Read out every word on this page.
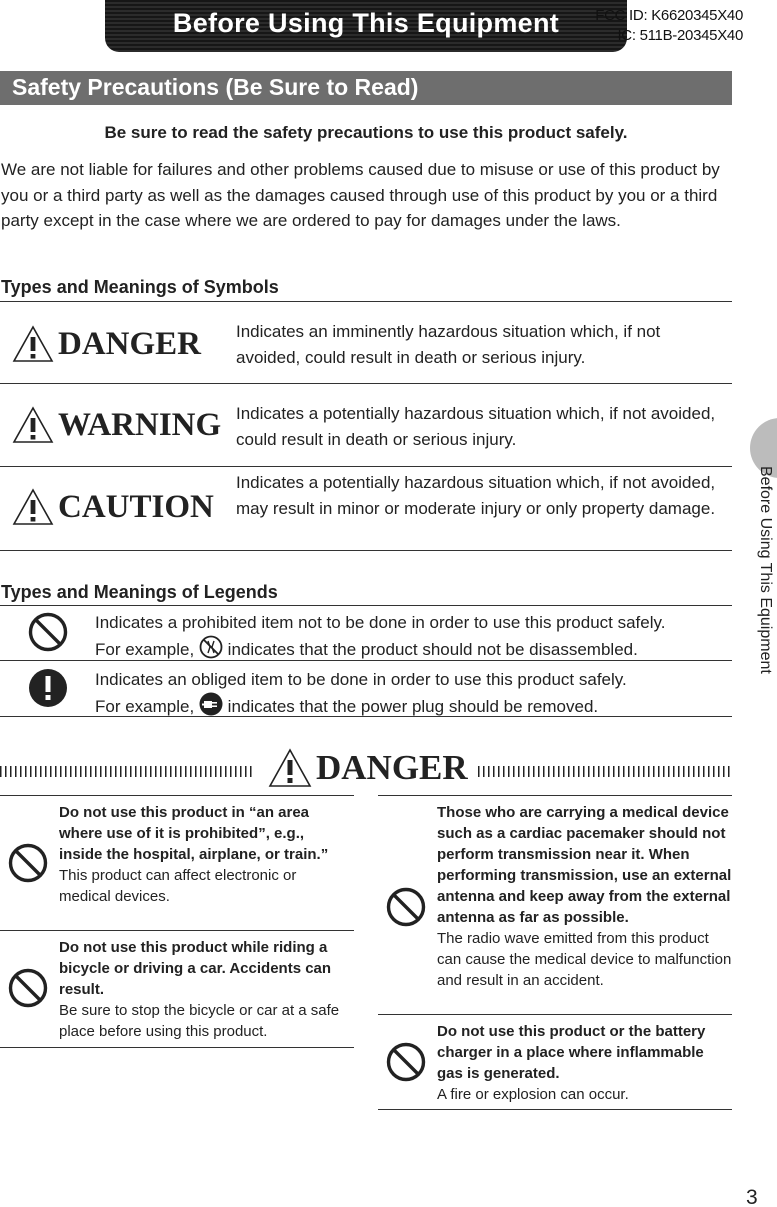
Before Using This Equipment	FCC ID: K6620345X40
IC: 511B-20345X40
Safety Precautions (Be Sure to Read)
Be sure to read the safety precautions to use this product safely.
We are not liable for failures and other problems caused due to misuse or use of this product by you or a third party as well as the damages caused through use of this product by you or a third party except in the case where we are ordered to pay for damages under the laws.
Types and Meanings of Symbols
DANGER Indicates an imminently hazardous situation which, if not avoided, could result in death or serious injury.
WARNING Indicates a potentially hazardous situation which, if not avoided, could result in death or serious injury.
CAUTION
Indicates a potentially hazardous situation which, if not avoided, may result in minor or moderate injury or only property damage.
Types and Meanings of Legends
Indicates a prohibited item not to be done in order to use this product safely.
For example, indicates that the product should not be disassembled.
Indicates an obliged item to be done in order to use this product safely.
For example, indicates that the power plug should be removed.
Before Using This Equipment
DANGER
Do not use this product in “an area where use of it is prohibited”, e.g., inside the hospital, airplane, or train.”
This product can affect electronic or medical devices.
Do not use this product while riding a bicycle or driving a car. Accidents can result.
Be sure to stop the bicycle or car at a safe place before using this product.
Those who are carrying a medical device such as a cardiac pacemaker should not perform transmission near it. When performing transmission, use an external antenna and keep away from the external antenna as far as possible.
The radio wave emitted from this product can cause the medical device to malfunction and result in an accident.
Do not use this product or the battery charger in a place where inflammable gas is generated.
A fire or explosion can occur.
3
